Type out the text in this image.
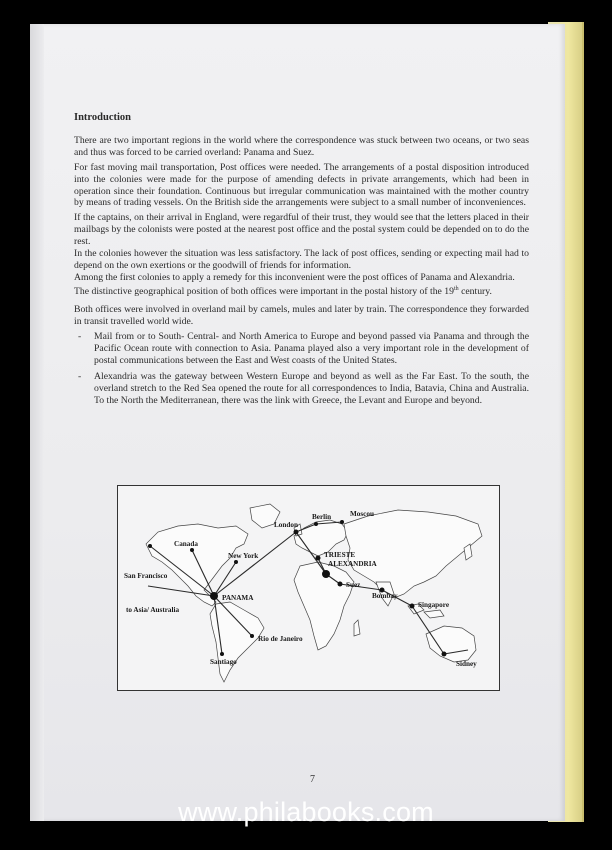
Introduction

There are two important regions in the world where the correspondence was stuck between two oceans, or two seas and thus was forced to be carried overland: Panama and Suez.

For fast moving mail transportation, Post offices were needed. The arrangements of a postal disposition introduced into the colonies were made for the purpose of amending defects in private arrangements, which had been in operation since their foundation. Continuous but irregular communication was maintained with the mother country by means of trading vessels. On the British side the arrangements were subject to a small number of inconveniences.

If the captains, on their arrival in England, were regardful of their trust, they would see that the letters placed in their mailbags by the colonists were posted at the nearest post office and the postal system could be depended on to do the rest.

In the colonies however the situation was less satisfactory. The lack of post offices, sending or expecting mail had to depend on the own exertions or the goodwill of friends for information.

Among the first colonies to apply a remedy for this inconvenient were the post offices of Panama and Alexandria.

The distinctive geographical position of both offices were important in the postal history of the 19th century.

Both offices were involved in overland mail by camels, mules and later by train. The correspondence they forwarded in transit travelled world wide.

- Mail from or to South- Central- and North America to Europe and beyond passed via Panama and through the Pacific Ocean route with connection to Asia. Panama played also a very important role in the development of postal communications between the East and West coasts of the United States.
- Alexandria was the gateway between Western Europe and beyond as well as the Far East. To the south, the overland stretch to the Red Sea opened the route for all correspondences to India, Batavia, China and Australia. To the North the Mediterranean, there was the link with Greece, the Levant and Europe and beyond.
Canada
New York
San Francisco
PANAMA
to Asia/ Australia
Santiago
Rio de Janeiro
London
Berlin	Moscou
TRIESTE
ALEXANDRIA
Suez
Bombay
Singapore
Sidney
7
www.philabooks.com
